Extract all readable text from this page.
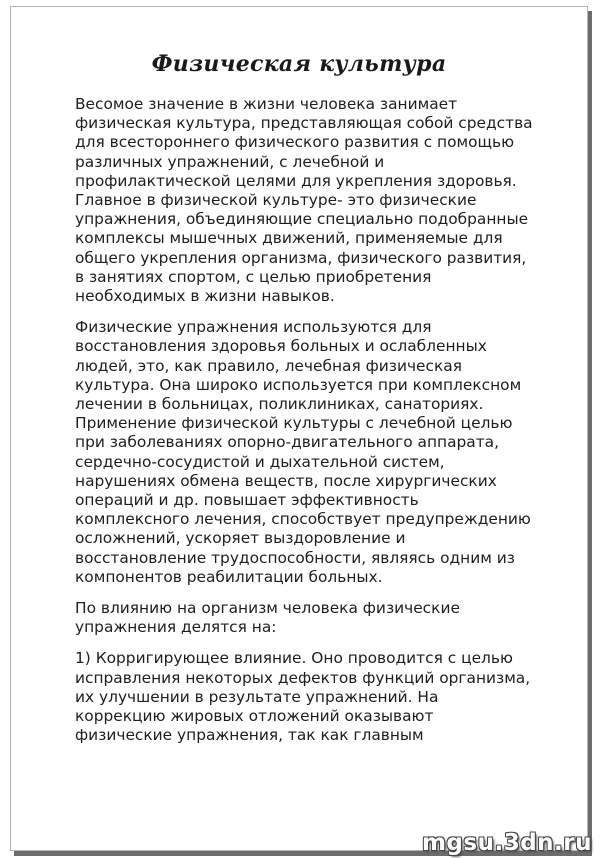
Физическая культура

Весомое значение в жизни человека занимает
физическая культура, представляющая собой средства
для всестороннего физического развития с помощью
различных упражнений, с лечебной и
профилактической целями для укрепления здоровья.
Главное в физической культуре- это физические
упражнения, объединяющие специально подобранные
комплексы мышечных движений, применяемые для
общего укрепления организма, физического развития,
в занятиях спортом, с целью приобретения
необходимых в жизни навыков.

Физические упражнения используются для
восстановления здоровья больных и ослабленных
людей, это, как правило, лечебная физическая
культура. Она широко используется при комплексном
лечении в больницах, поликлиниках, санаториях.
Применение физической культуры с лечебной целью
при заболеваниях опорно-двигательного аппарата,
сердечно-сосудистой и дыхательной систем,
нарушениях обмена веществ, после хирургических
операций и др. повышает эффективность
комплексного лечения, способствует предупреждению
осложнений, ускоряет выздоровление и
восстановление трудоспособности, являясь одним из
компонентов реабилитации больных.

По влиянию на организм человека физические
упражнения делятся на:

1) Корригирующее влияние. Оно проводится с целью
исправления некоторых дефектов функций организма,
их улучшении в результате упражнений. На
коррекцию жировых отложений оказывают
физические упражнения, так как главным

mgsu.3dn.ru
